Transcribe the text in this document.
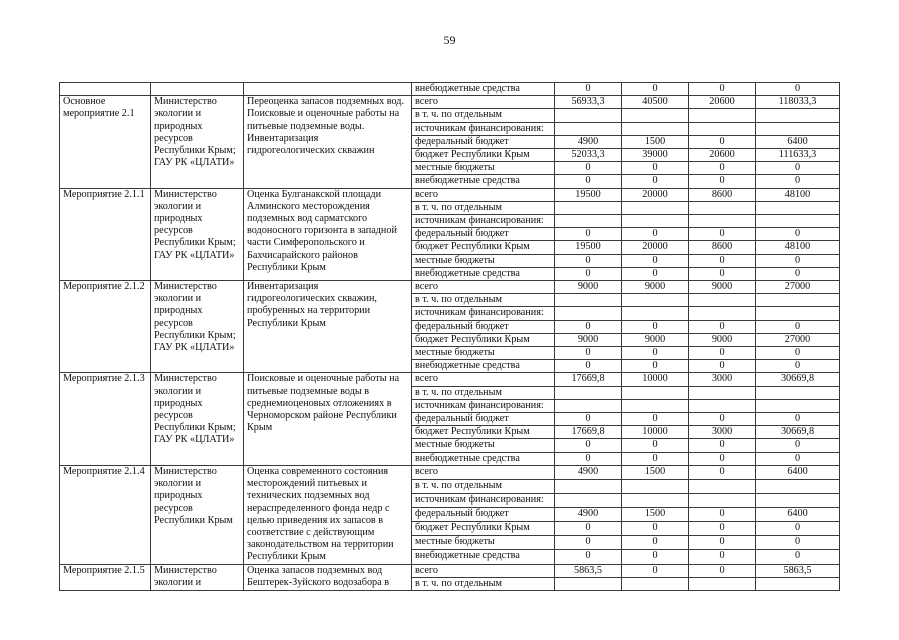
59
			внебюджетные средства	0	0	0	0
Основное мероприятие 2.1	Министерство экологии и природных ресурсов Республики Крым; ГАУ РК «ЦЛАТИ»	Переоценка запасов подземных вод. Поисковые и оценочные работы на питьевые подземные воды. Инвентаризация гидрогеологических скважин	всего	56933,3	40500	20600	118033,3
			в т. ч. по отдельным				
			источникам финансирования:				
			федеральный бюджет	4900	1500	0	6400
			бюджет Республики Крым	52033,3	39000	20600	111633,3
			местные бюджеты	0	0	0	0
			внебюджетные средства	0	0	0	0
Мероприятие 2.1.1	Министерство экологии и природных ресурсов Республики Крым; ГАУ РК «ЦЛАТИ»	Оценка Булганакской площади Алминского месторождения подземных вод сарматского водоносного горизонта в западной части Симферопольского и Бахчисарайского районов Республики Крым	всего	19500	20000	8600	48100
			в т. ч. по отдельным				
			источникам финансирования:				
			федеральный бюджет	0	0	0	0
			бюджет Республики Крым	19500	20000	8600	48100
			местные бюджеты	0	0	0	0
			внебюджетные средства	0	0	0	0
Мероприятие 2.1.2	Министерство экологии и природных ресурсов Республики Крым; ГАУ РК «ЦЛАТИ»	Инвентаризация гидрогеологических скважин, пробуренных на территории Республики Крым	всего	9000	9000	9000	27000
			в т. ч. по отдельным				
			источникам финансирования:				
			федеральный бюджет	0	0	0	0
			бюджет Республики Крым	9000	9000	9000	27000
			местные бюджеты	0	0	0	0
			внебюджетные средства	0	0	0	0
Мероприятие 2.1.3	Министерство экологии и природных ресурсов Республики Крым; ГАУ РК «ЦЛАТИ»	Поисковые и оценочные работы на питьевые подземные воды в среднемиоценовых отложениях в Черноморском районе Республики Крым	всего	17669,8	10000	3000	30669,8
			в т. ч. по отдельным				
			источникам финансирования:				
			федеральный бюджет	0	0	0	0
			бюджет Республики Крым	17669,8	10000	3000	30669,8
			местные бюджеты	0	0	0	0
			внебюджетные средства	0	0	0	0
Мероприятие 2.1.4	Министерство экологии и природных ресурсов Республики Крым	Оценка современного состояния месторождений питьевых и технических подземных вод нераспределенного фонда недр с целью приведения их запасов в соответствие с действующим законодательством на территории Республики Крым	всего	4900	1500	0	6400
			в т. ч. по отдельным				
			источникам финансирования:				
			федеральный бюджет	4900	1500	0	6400
			бюджет Республики Крым	0	0	0	0
			местные бюджеты	0	0	0	0
			внебюджетные средства	0	0	0	0
Мероприятие 2.1.5	Министерство экологии и	Оценка запасов подземных вод Бештерек-Зуйского водозабора в	всего	5863,5	0	0	5863,5
			в т. ч. по отдельным				
